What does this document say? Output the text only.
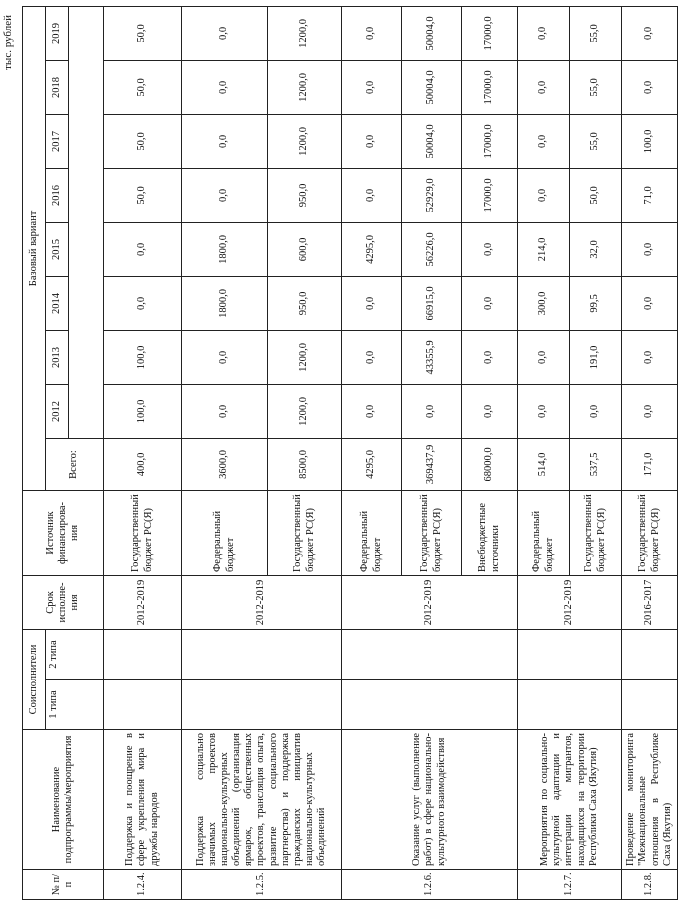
тыс. рублей
№ п/п	Наименование подпрограммы/мероприятия	Соисполнители		Срок исполне-ния	Источник финансирова-ния	Базовый вариант								
		1 типа	2 типа			Всего:	2012	2013	2014	2015	2016	2017	2018	2019

1.2.4.	Поддержка и поощрение в сфере укрепления мира и дружбы народов			2012-2019	Государственный бюджет РС(Я)	400,0	100,0	100,0	0,0	0,0	50,0	50,0	50,0	50,0
1.2.5.	Поддержка социально значимых проектов национально-культурных объединений (организация ярмарок, общественных проектов, трансляция опыта, развитие социального партнерства) и поддержка гражданских инициатив национально-культурных объединений			2012-2019	Федеральный бюджет	3600,0	0,0	0,0	1800,0	1800,0	0,0	0,0	0,0	0,0
					Государственный бюджет РС(Я)	8500,0	1200,0	1200,0	950,0	600,0	950,0	1200,0	1200,0	1200,0
1.2.6.	Оказание услуг (выполнение работ) в сфере национально-культурного взаимодействия			2012-2019	Федеральный бюджет	4295,0	0,0	0,0	0,0	4295,0	0,0	0,0	0,0	0,0
					Государственный бюджет РС(Я)	369437,9	0,0	43355,9	66915,0	56226,0	52929,0	50004,0	50004,0	50004,0
					Внебюджетные источники	68000,0	0,0	0,0	0,0	0,0	17000,0	17000,0	17000,0	17000,0
1.2.7.	Мероприятия по социально-культурной адаптации и интеграции мигрантов, находящихся на территории Республики Саха (Якутия)			2012-2019	Федеральный бюджет	514,0	0,0	0,0	300,0	214,0	0,0	0,0	0,0	0,0
					Государственный бюджет РС(Я)	537,5	0,0	191,0	99,5	32,0	50,0	55,0	55,0	55,0
1.2.8.	Проведение мониторинга "Межнациональные отношения в Республике Саха (Якутия)			2016-2017	Государственный бюджет РС(Я)	171,0	0,0	0,0	0,0	0,0	71,0	100,0	0,0	0,0
